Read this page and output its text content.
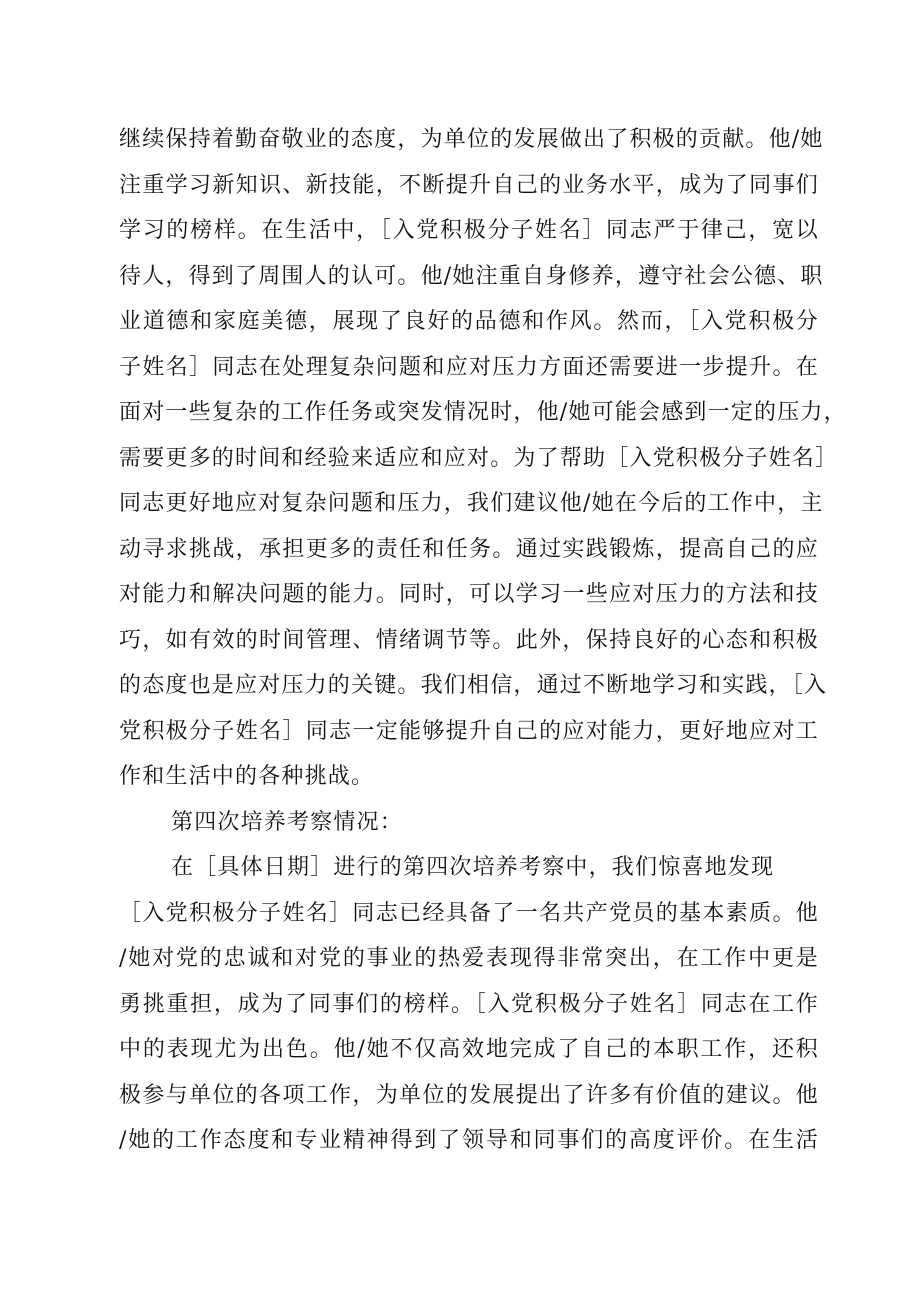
继续保持着勤奋敬业的态度，为单位的发展做出了积极的贡献。他/她
注重学习新知识、新技能，不断提升自己的业务水平，成为了同事们
学习的榜样。在生活中，［入党积极分子姓名］同志严于律己，宽以
待人，得到了周围人的认可。他/她注重自身修养，遵守社会公德、职
业道德和家庭美德，展现了良好的品德和作风。然而，［入党积极分
子姓名］同志在处理复杂问题和应对压力方面还需要进一步提升。在
面对一些复杂的工作任务或突发情况时，他/她可能会感到一定的压力，
需要更多的时间和经验来适应和应对。为了帮助［入党积极分子姓名］
同志更好地应对复杂问题和压力，我们建议他/她在今后的工作中，主
动寻求挑战，承担更多的责任和任务。通过实践锻炼，提高自己的应
对能力和解决问题的能力。同时，可以学习一些应对压力的方法和技
巧，如有效的时间管理、情绪调节等。此外，保持良好的心态和积极
的态度也是应对压力的关键。我们相信，通过不断地学习和实践，［入
党积极分子姓名］同志一定能够提升自己的应对能力，更好地应对工
作和生活中的各种挑战。

第四次培养考察情况：

在［具体日期］进行的第四次培养考察中，我们惊喜地发现
［入党积极分子姓名］同志已经具备了一名共产党员的基本素质。他
/她对党的忠诚和对党的事业的热爱表现得非常突出，在工作中更是
勇挑重担，成为了同事们的榜样。［入党积极分子姓名］同志在工作
中的表现尤为出色。他/她不仅高效地完成了自己的本职工作，还积
极参与单位的各项工作，为单位的发展提出了许多有价值的建议。他
/她的工作态度和专业精神得到了领导和同事们的高度评价。在生活
